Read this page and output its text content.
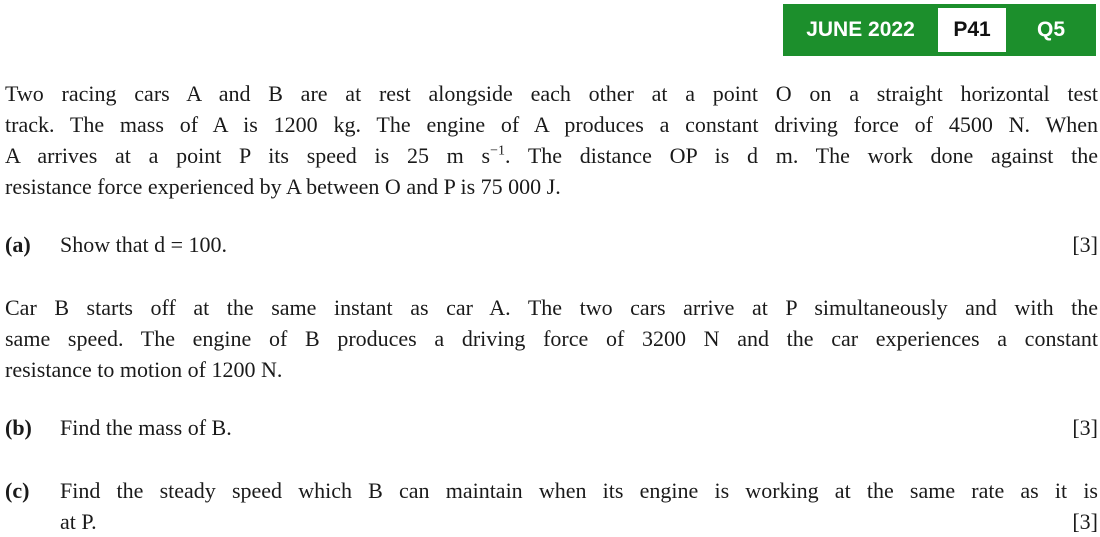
JUNE 2022	P41	Q5
Two racing cars A and B are at rest alongside each other at a point O on a straight horizontal test
track. The mass of A is 1200 kg. The engine of A produces a constant driving force of 4500 N. When
A arrives at a point P its speed is 25 m $s^{-1}$. The distance OP is d m. The work done against the
resistance force experienced by A between O and P is 75 000 J.
(a) Show that d = 100.	[3]
Car B starts off at the same instant as car A. The two cars arrive at P simultaneously and with the
same speed. The engine of B produces a driving force of 3200 N and the car experiences a constant
resistance to motion of 1200 N.
(b) Find the mass of B.	[3]
(c) Find the steady speed which B can maintain when its engine is working at the same rate as it is
at P.	[3]
